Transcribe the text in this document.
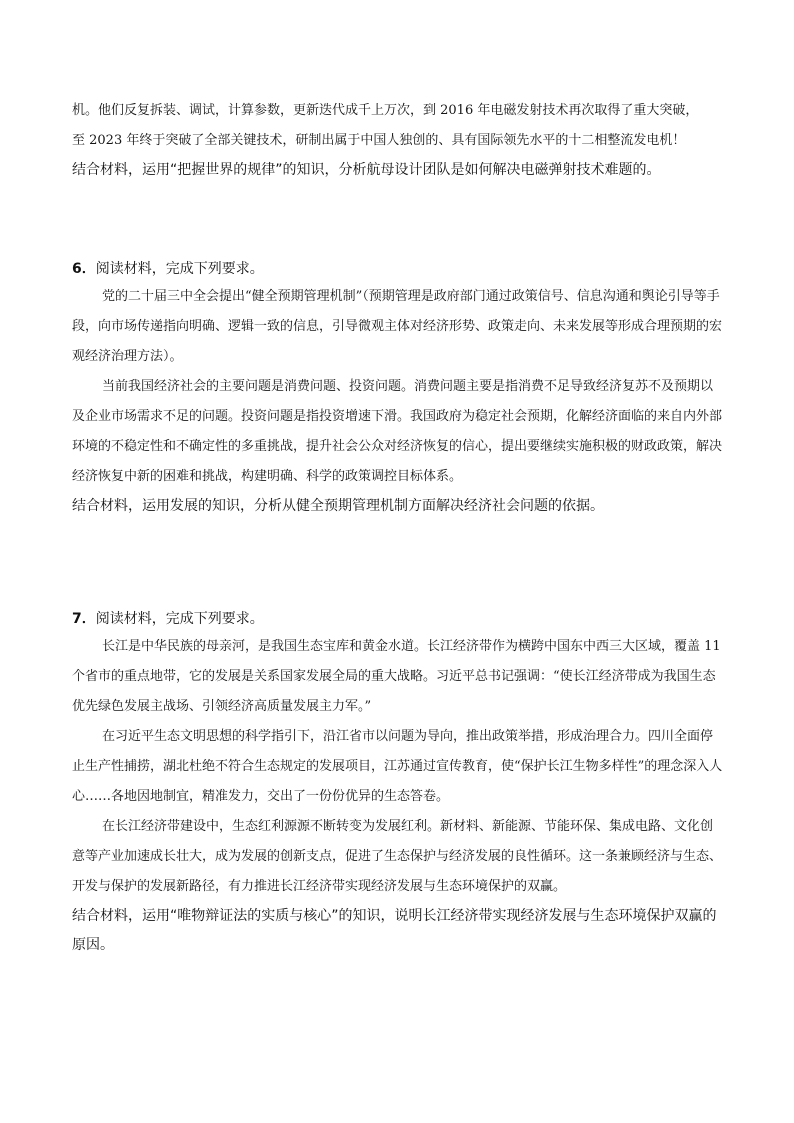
机。他们反复拆装、调试，计算参数，更新迭代成千上万次，到 2016 年电磁发射技术再次取得了重大突破，

至 2023 年终于突破了全部关键技术，研制出属于中国人独创的、具有国际领先水平的十二相整流发电机！

结合材料，运用“把握世界的规律”的知识，分析航母设计团队是如何解决电磁弹射技术难题的。

6．阅读材料，完成下列要求。

党的二十届三中全会提出“健全预期管理机制”（预期管理是政府部门通过政策信号、信息沟通和舆论引导等手段，向市场传递指向明确、逻辑一致的信息，引导微观主体对经济形势、政策走向、未来发展等形成合理预期的宏观经济治理方法）。

当前我国经济社会的主要问题是消费问题、投资问题。消费问题主要是指消费不足导致经济复苏不及预期以及企业市场需求不足的问题。投资问题是指投资增速下滑。我国政府为稳定社会预期，化解经济面临的来自内外部环境的不稳定性和不确定性的多重挑战，提升社会公众对经济恢复的信心，提出要继续实施积极的财政政策，解决经济恢复中新的困难和挑战，构建明确、科学的政策调控目标体系。

结合材料，运用发展的知识，分析从健全预期管理机制方面解决经济社会问题的依据。

7．阅读材料，完成下列要求。

长江是中华民族的母亲河，是我国生态宝库和黄金水道。长江经济带作为横跨中国东中西三大区域，覆盖 11 个省市的重点地带，它的发展是关系国家发展全局的重大战略。习近平总书记强调：“使长江经济带成为我国生态优先绿色发展主战场、引领经济高质量发展主力军。”

在习近平生态文明思想的科学指引下，沿江省市以问题为导向，推出政策举措，形成治理合力。四川全面停止生产性捕捞，湖北杜绝不符合生态规定的发展项目，江苏通过宣传教育，使“保护长江生物多样性”的理念深入人心……各地因地制宜，精准发力，交出了一份份优异的生态答卷。

在长江经济带建设中，生态红利源源不断转变为发展红利。新材料、新能源、节能环保、集成电路、文化创意等产业加速成长壮大，成为发展的创新支点，促进了生态保护与经济发展的良性循环。这一条兼顾经济与生态、开发与保护的发展新路径，有力推进长江经济带实现经济发展与生态环境保护的双赢。

结合材料，运用“唯物辩证法的实质与核心”的知识，说明长江经济带实现经济发展与生态环境保护双赢的原因。
